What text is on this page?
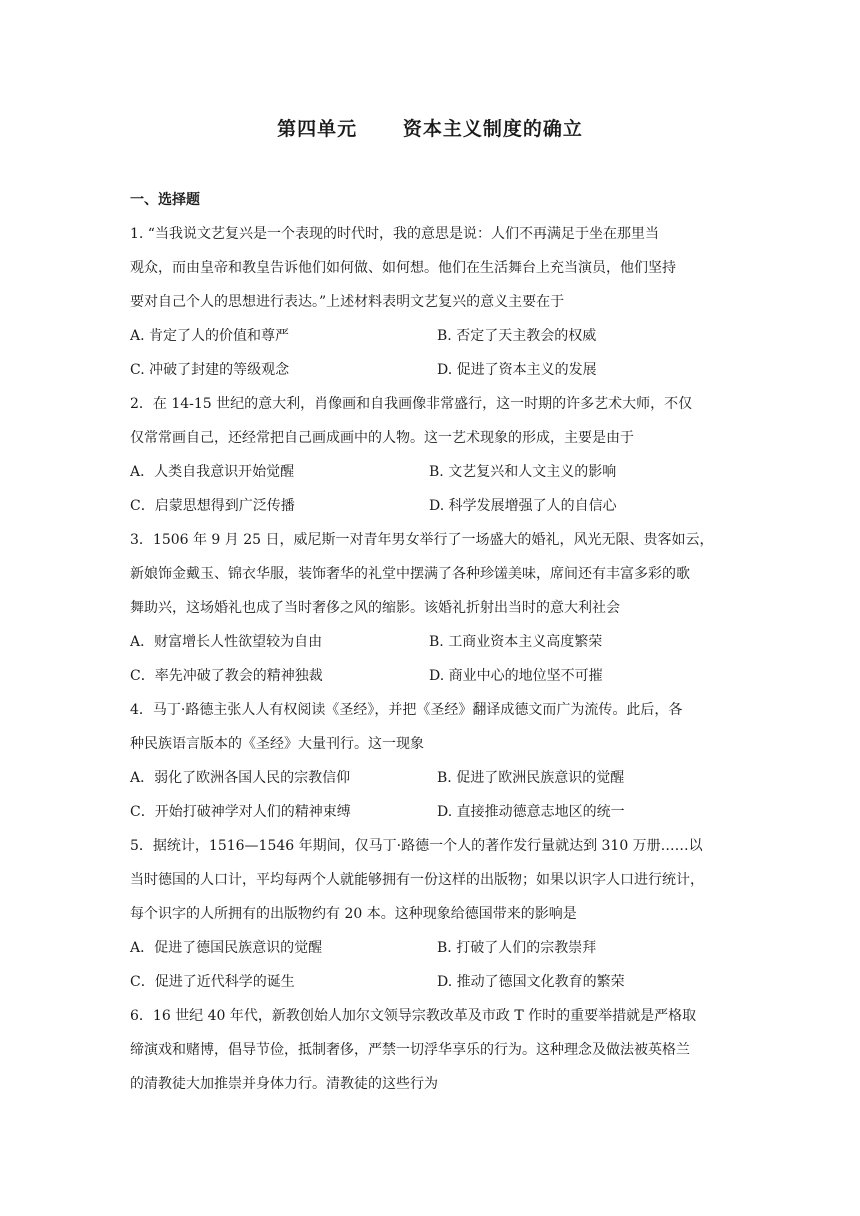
第四单元      资本主义制度的确立
一、选择题
1. “当我说文艺复兴是一个表现的时代时，我的意思是说：人们不再满足于坐在那里当
观众，而由皇帝和教皇告诉他们如何做、如何想。他们在生活舞台上充当演员，他们坚持
要对自己个人的思想进行表达。”上述材料表明文艺复兴的意义主要在于
A. 肯定了人的价值和尊严	B. 否定了天主教会的权威
C. 冲破了封建的等级观念	D. 促进了资本主义的发展
2．在 14-15 世纪的意大利，肖像画和自我画像非常盛行，这一时期的许多艺术大师，不仅
仅常常画自己，还经常把自己画成画中的人物。这一艺术现象的形成，主要是由于
A．人类自我意识开始觉醒	B. 文艺复兴和人文主义的影响
C．启蒙思想得到广泛传播	D. 科学发展增强了人的自信心
3．1506 年 9 月 25 日，威尼斯一对青年男女举行了一场盛大的婚礼，风光无限、贵客如云，
新娘饰金戴玉、锦衣华服，装饰奢华的礼堂中摆满了各种珍馐美味，席间还有丰富多彩的歌
舞助兴，这场婚礼也成了当时奢侈之风的缩影。该婚礼折射出当时的意大利社会
A．财富增长人性欲望较为自由	B. 工商业资本主义高度繁荣
C．率先冲破了教会的精神独裁	D. 商业中心的地位坚不可摧
4．马丁·路德主张人人有权阅读《圣经》，并把《圣经》翻译成德文而广为流传。此后，各
种民族语言版本的《圣经》大量刊行。这一现象
A．弱化了欧洲各国人民的宗教信仰	B. 促进了欧洲民族意识的觉醒
C．开始打破神学对人们的精神束缚	D. 直接推动德意志地区的统一
5．据统计，1516—1546 年期间，仅马丁·路德一个人的著作发行量就达到 310 万册……以
当时德国的人口计，平均每两个人就能够拥有一份这样的出版物；如果以识字人口进行统计，
每个识字的人所拥有的出版物约有 20 本。这种现象给德国带来的影响是
A．促进了德国民族意识的觉醒	B. 打破了人们的宗教崇拜
C．促进了近代科学的诞生	D. 推动了德国文化教育的繁荣
6．16 世纪 40 年代，新教创始人加尔文领导宗教改革及市政 T 作时的重要举措就是严格取
缔演戏和赌博，倡导节俭，抵制奢侈，严禁一切浮华享乐的行为。这种理念及做法被英格兰
的清教徒大加推崇并身体力行。清教徒的这些行为
